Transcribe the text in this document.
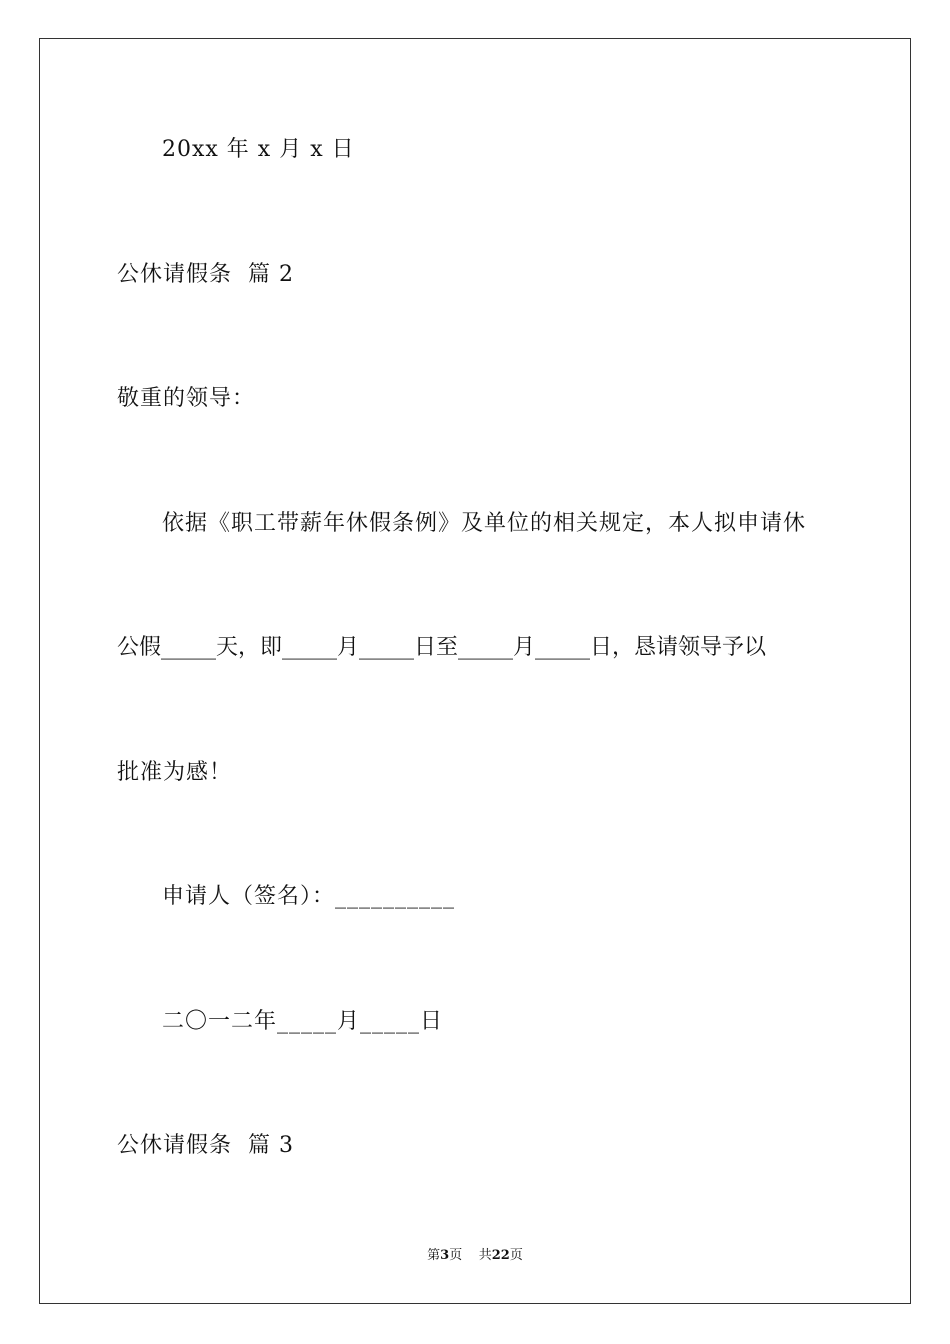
20xx 年 x 月 x 日
公休请假条  篇 2
敬重的领导：
依据《职工带薪年休假条例》及单位的相关规定，本人拟申请休
公假_____天，即_____月_____日至_____月_____日，恳请领导予以
批准为感！
申请人（签名）：__________
二〇一二年_____月_____日
公休请假条  篇 3
第3页 共22页
